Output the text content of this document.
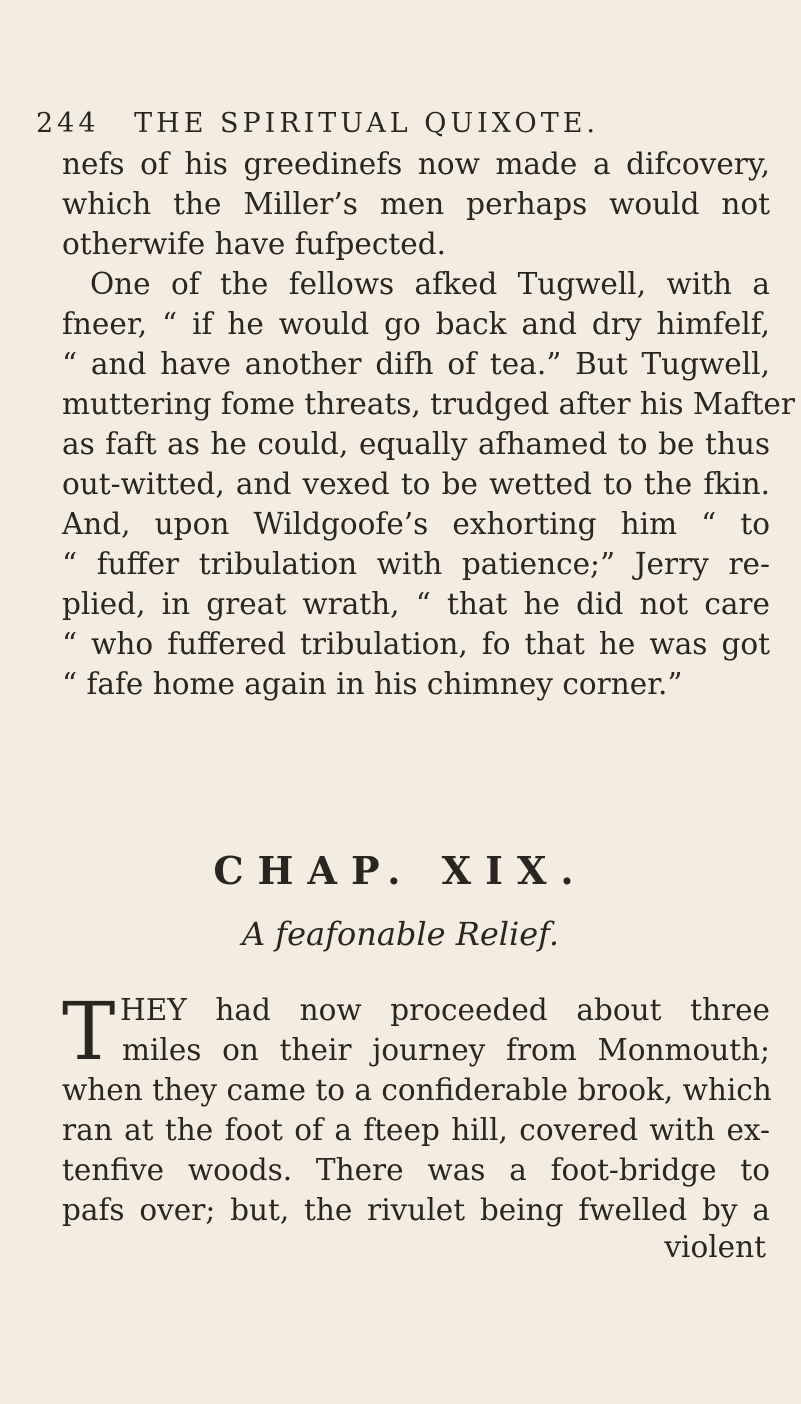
244 THE SPIRITUAL QUIXOTE.
nefs of his greedinefs now made a difcovery,
which the Miller’s men perhaps would not
otherwife have fufpected.
One of the fellows afked Tugwell, with a
fneer, “ if he would go back and dry himfelf,
“ and have another difh of tea.” But Tugwell,
muttering fome threats, trudged after his Mafter
as faft as he could, equally afhamed to be thus
out-witted, and vexed to be wetted to the fkin.
And, upon Wildgoofe’s exhorting him “ to
“ fuffer tribulation with patience;” Jerry re-
plied, in great wrath, “ that he did not care
“ who fuffered tribulation, fo that he was got
“ fafe home again in his chimney corner.”
CHAP. XIX.
A feafonable Relief.
T HEY had now proceeded about three
miles on their journey from Monmouth;
when they came to a confiderable brook, which
ran at the foot of a fteep hill, covered with ex-
tenfive woods. There was a foot-bridge to
pafs over; but, the rivulet being fwelled by a
violent
